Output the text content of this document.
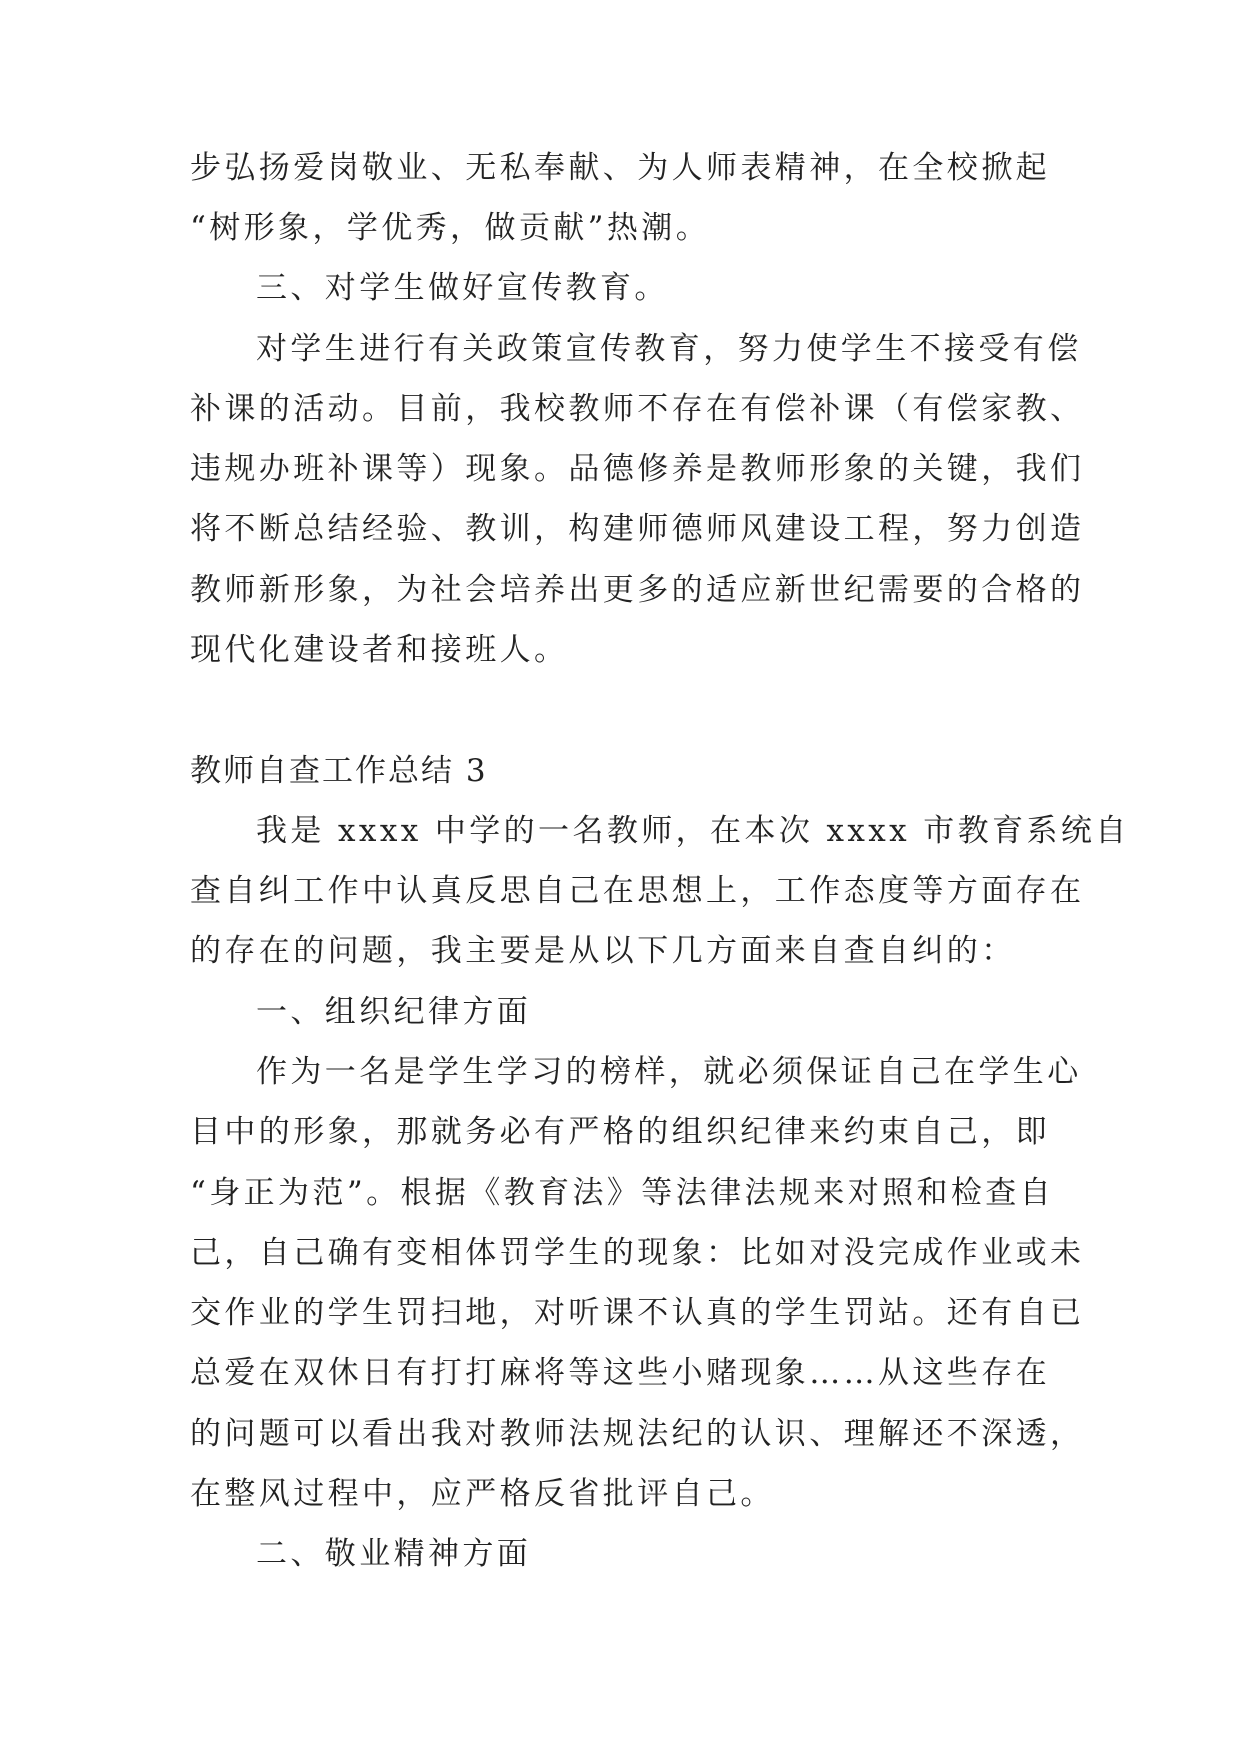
步弘扬爱岗敬业、无私奉献、为人师表精神，在全校掀起
“树形象，学优秀，做贡献”热潮。
三、对学生做好宣传教育。
对学生进行有关政策宣传教育，努力使学生不接受有偿
补课的活动。目前，我校教师不存在有偿补课（有偿家教、
违规办班补课等）现象。品德修养是教师形象的关键，我们
将不断总结经验、教训，构建师德师风建设工程，努力创造
教师新形象，为社会培养出更多的适应新世纪需要的合格的
现代化建设者和接班人。
教师自查工作总结 3
我是 xxxx 中学的一名教师，在本次 xxxx 市教育系统自
查自纠工作中认真反思自己在思想上，工作态度等方面存在
的存在的问题，我主要是从以下几方面来自查自纠的：
一、组织纪律方面
作为一名是学生学习的榜样，就必须保证自己在学生心
目中的形象，那就务必有严格的组织纪律来约束自己，即
“身正为范”。根据《教育法》等法律法规来对照和检查自
己，自己确有变相体罚学生的现象：比如对没完成作业或未
交作业的学生罚扫地，对听课不认真的学生罚站。还有自已
总爱在双休日有打打麻将等这些小赌现象……从这些存在
的问题可以看出我对教师法规法纪的认识、理解还不深透，
在整风过程中，应严格反省批评自己。
二、敬业精神方面
